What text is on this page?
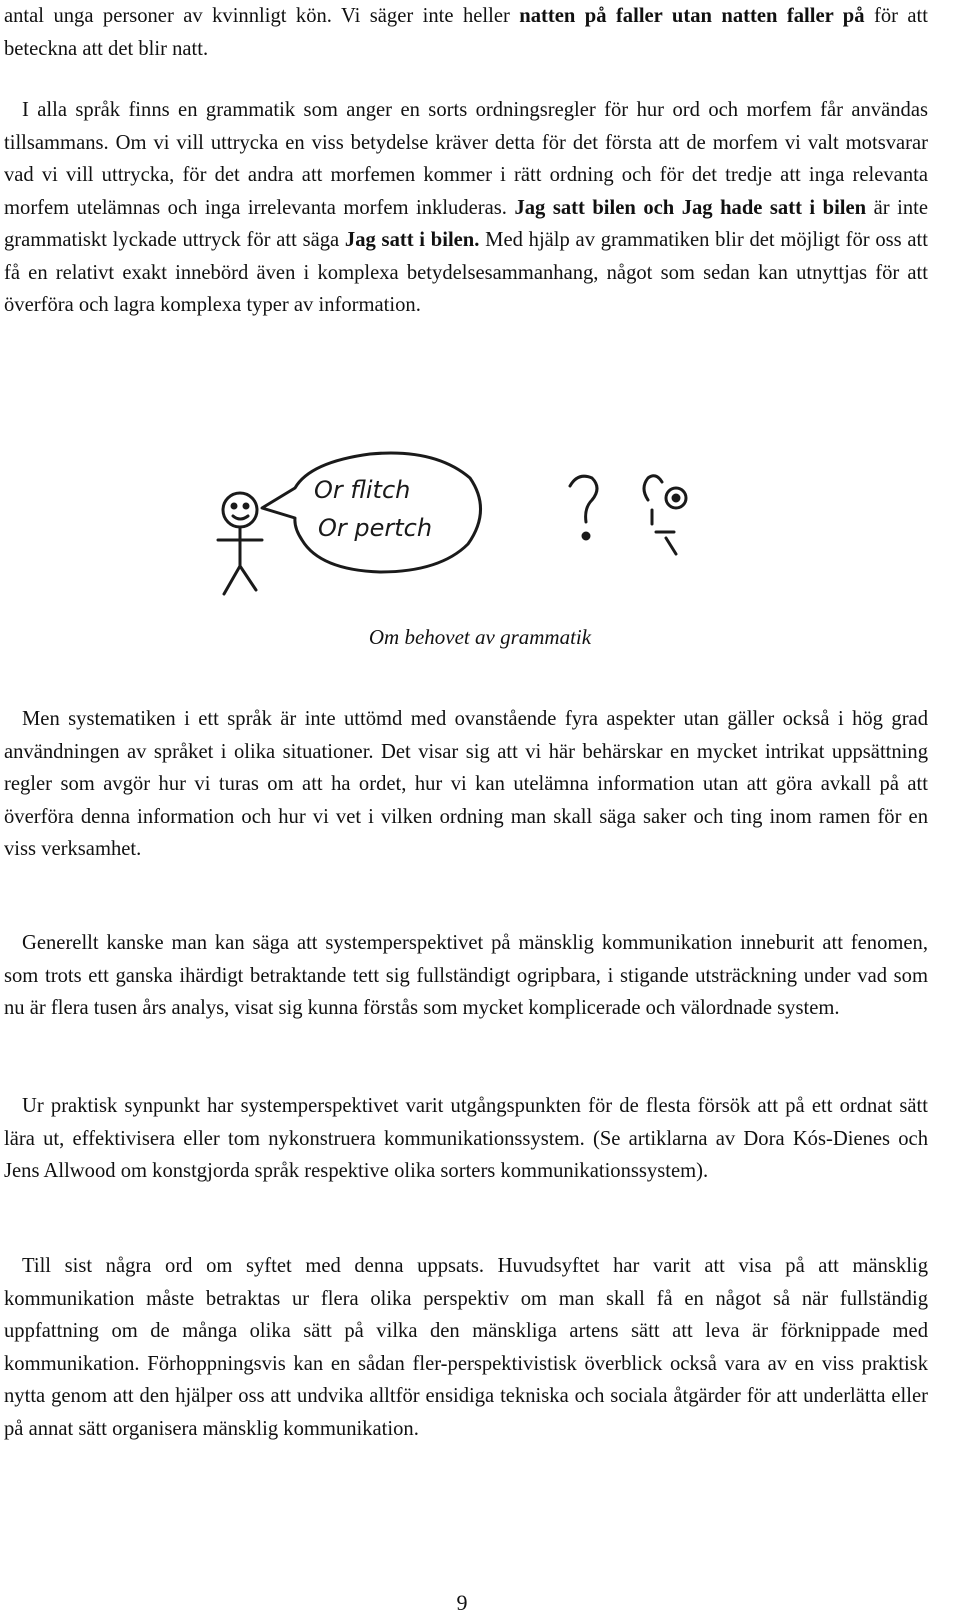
antal unga personer av kvinnligt kön. Vi säger inte heller natten på faller utan natten faller på för att beteckna att det blir natt.

I alla språk finns en grammatik som anger en sorts ordningsregler för hur ord och morfem får användas tillsammans. Om vi vill uttrycka en viss betydelse kräver detta för det första att de morfem vi valt motsvarar vad vi vill uttrycka, för det andra att morfemen kommer i rätt ordning och för det tredje att inga relevanta morfem utelämnas och inga irrelevanta morfem inkluderas. Jag satt bilen och Jag hade satt i bilen är inte grammatiskt lyckade uttryck för att säga Jag satt i bilen. Med hjälp av grammatiken blir det möjligt för oss att få en relativt exakt innebörd även i komplexa betydelsesammanhang, något som sedan kan utnyttjas för att överföra och lagra komplexa typer av information.

Or flitch
Or pertch

Om behovet av grammatik

Men systematiken i ett språk är inte uttömd med ovanstående fyra aspekter utan gäller också i hög grad användningen av språket i olika situationer. Det visar sig att vi här behärskar en mycket intrikat uppsättning regler som avgör hur vi turas om att ha ordet, hur vi kan utelämna information utan att göra avkall på att överföra denna information och hur vi vet i vilken ordning man skall säga saker och ting inom ramen för en viss verksamhet.

Generellt kanske man kan säga att systemperspektivet på mänsklig kommunikation inneburit att fenomen, som trots ett ganska ihärdigt betraktande tett sig fullständigt ogripbara, i stigande utsträckning under vad som nu är flera tusen års analys, visat sig kunna förstås som mycket komplicerade och välordnade system.

Ur praktisk synpunkt har systemperspektivet varit utgångspunkten för de flesta försök att på ett ordnat sätt lära ut, effektivisera eller tom nykonstruera kommunikationssystem. (Se artiklarna av Dora Kós-Dienes och Jens Allwood om konstgjorda språk respektive olika sorters kommunikationssystem).

Till sist några ord om syftet med denna uppsats. Huvudsyftet har varit att visa på att mänsklig kommunikation måste betraktas ur flera olika perspektiv om man skall få en något så när fullständig uppfattning om de många olika sätt på vilka den mänskliga artens sätt att leva är förknippade med kommunikation. Förhoppningsvis kan en sådan fler-perspektivistisk överblick också vara av en viss praktisk nytta genom att den hjälper oss att undvika alltför ensidiga tekniska och sociala åtgärder för att underlätta eller på annat sätt organisera mänsklig kommunikation.

9
